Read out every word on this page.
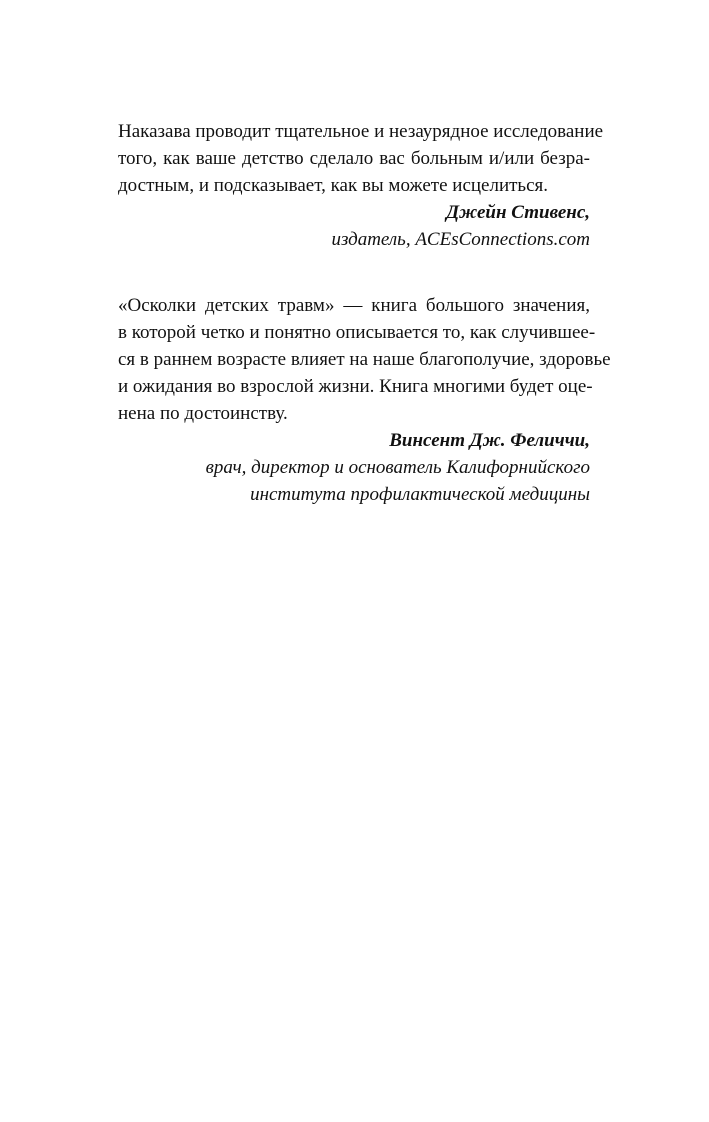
Наказава проводит тщательное и незаурядное исследование
того, как ваше детство сделало вас больным и/или безра-
достным, и подсказывает, как вы можете исцелиться.
Джейн Стивенс,
издатель, ACEsConnections.com
«Осколки детских травм» — книга большого значения,
в которой четко и понятно описывается то, как случившее-
ся в раннем возрасте влияет на наше благополучие, здоровье
и ожидания во взрослой жизни. Книга многими будет оце-
нена по достоинству.
Винсент Дж. Феличчи,
врач, директор и основатель Калифорнийского
института профилактической медицины
